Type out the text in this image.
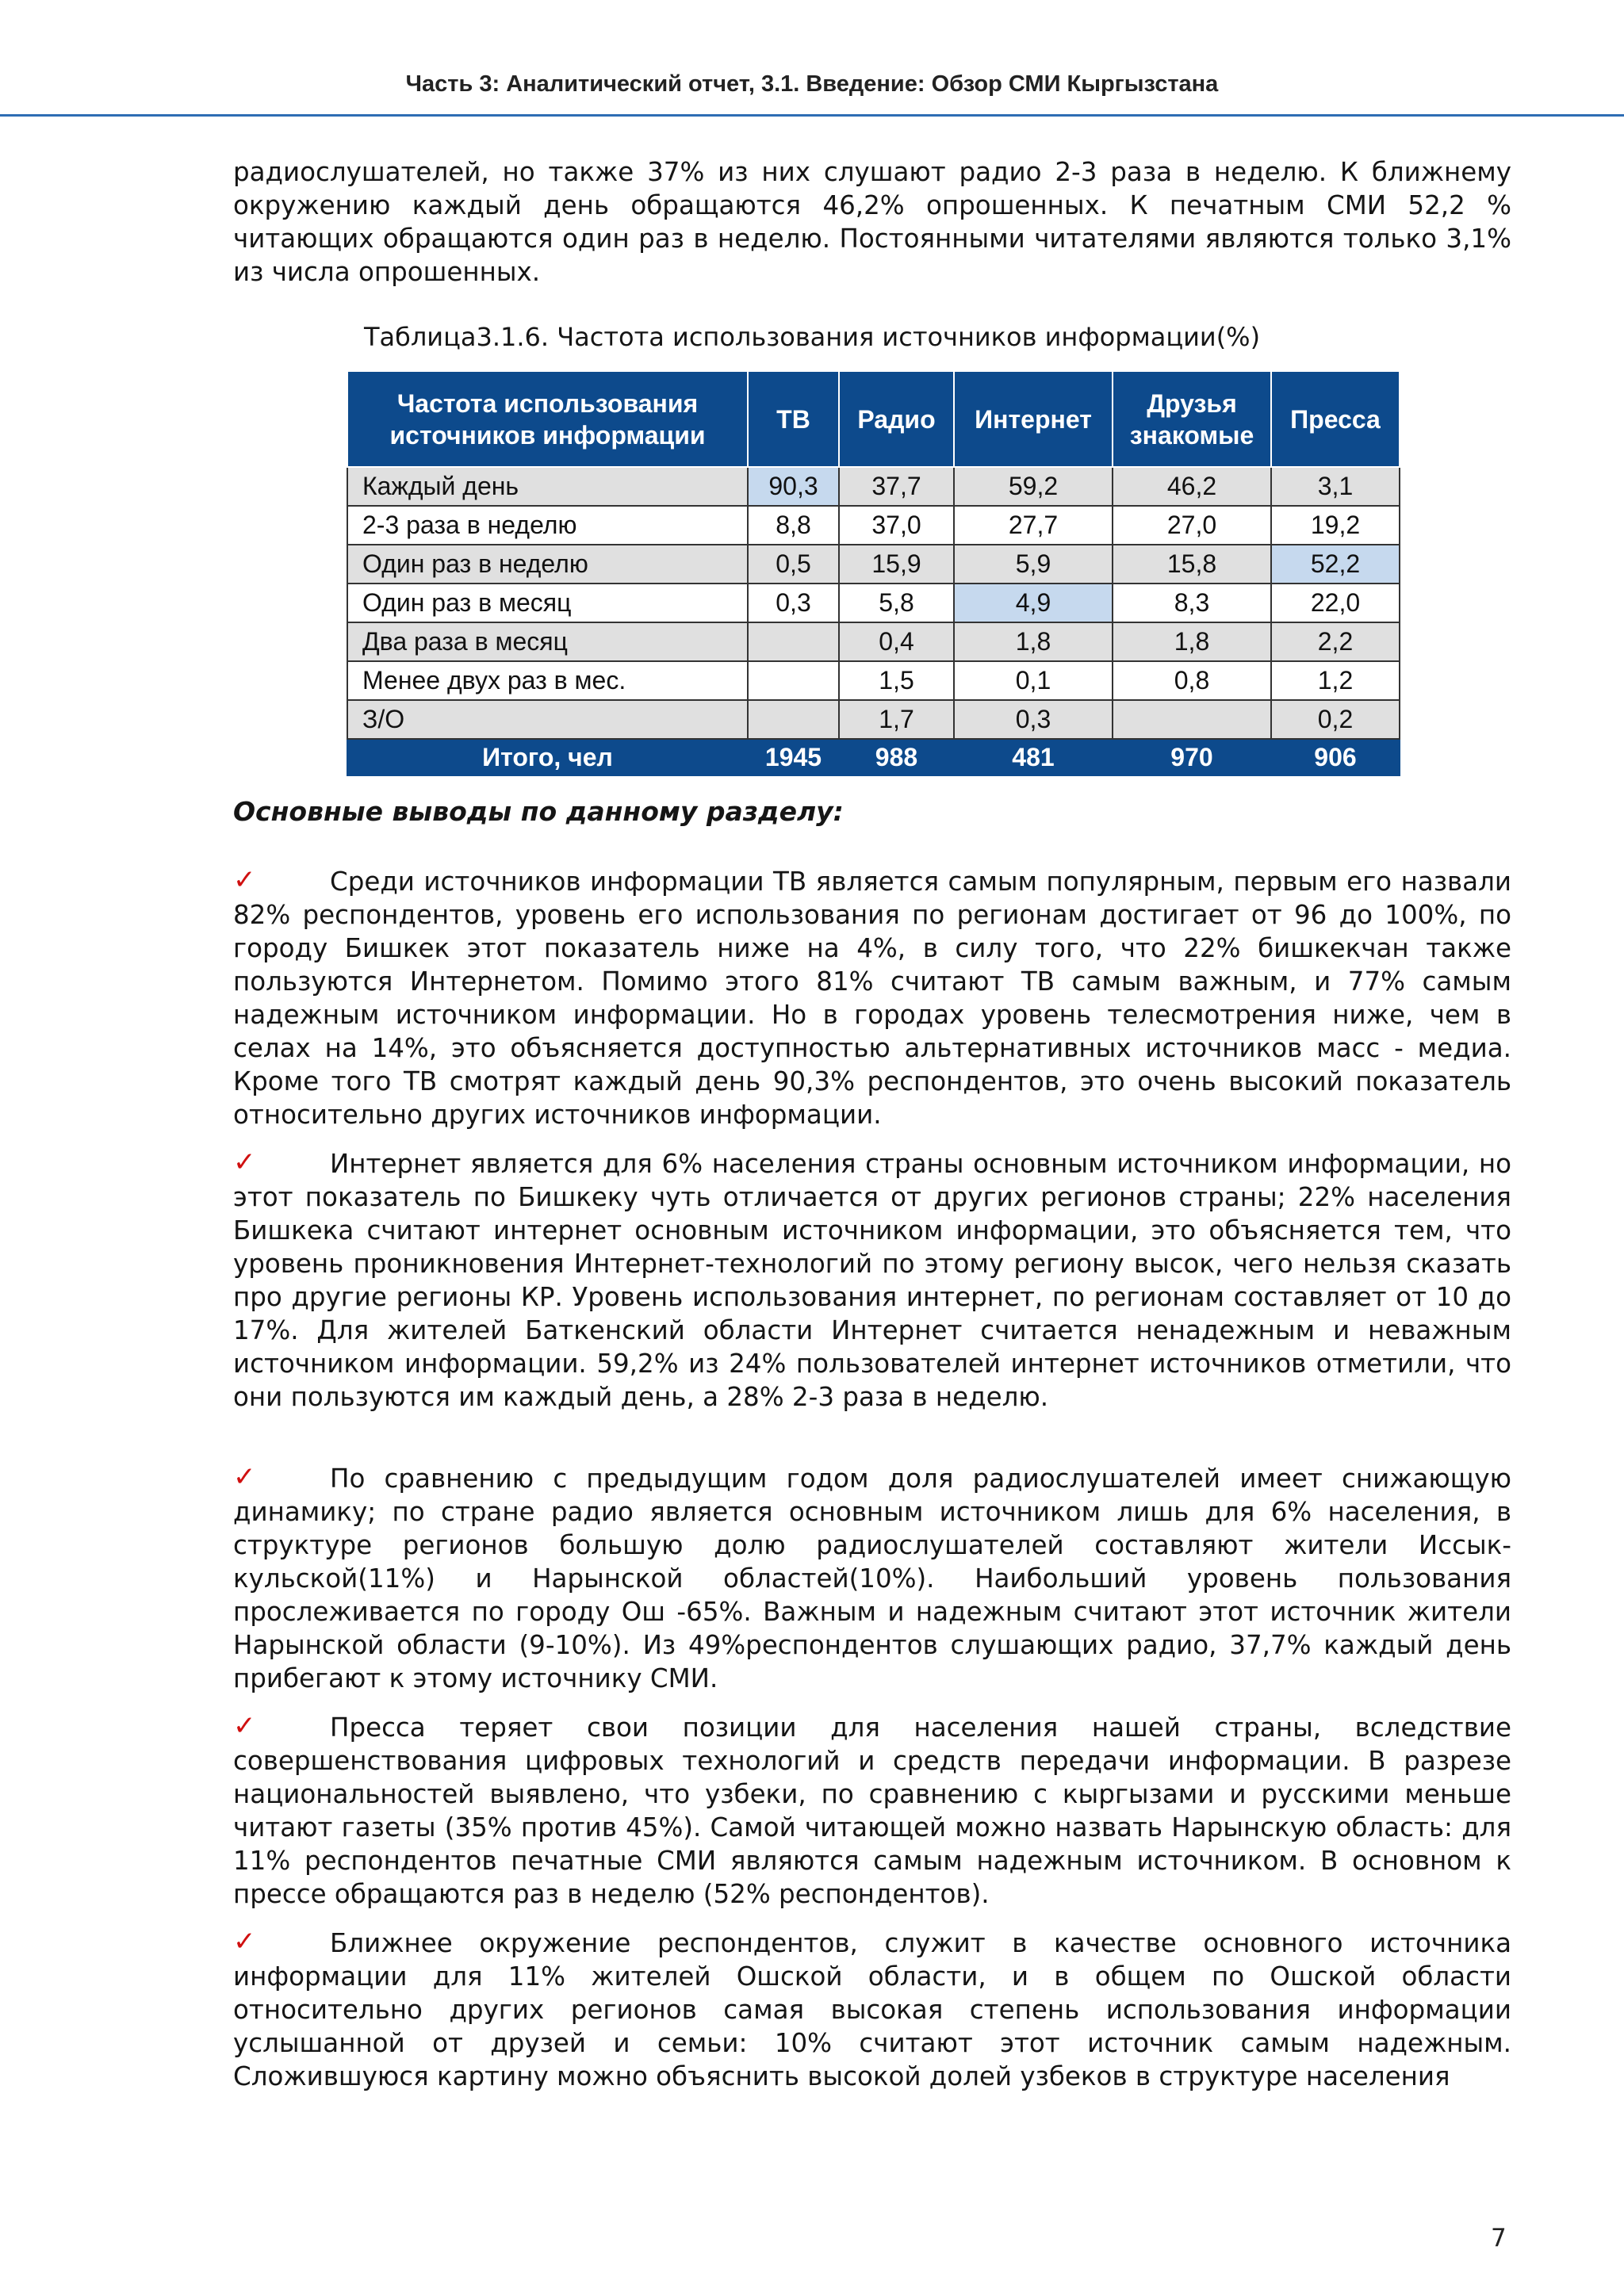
Часть 3: Аналитический отчет, 3.1. Введение: Обзор СМИ Кыргызстана
радиослушателей, но также 37% из них слушают радио 2-3 раза в неделю. К ближнему окружению каждый день обращаются 46,2% опрошенных. К печатным СМИ 52,2 % читающих обращаются один раз в неделю. Постоянными читателями являются только 3,1% из числа опрошенных.
Таблица3.1.6. Частота использования источников информации(%)
Частота использования источников информации	ТВ	Радио	Интернет	Друзья знакомые	Пресса
Каждый день	90,3	37,7	59,2	46,2	3,1
2-3 раза в неделю	8,8	37,0	27,7	27,0	19,2
Один раз в неделю	0,5	15,9	5,9	15,8	52,2
Один раз в месяц	0,3	5,8	4,9	8,3	22,0
Два раза в месяц		0,4	1,8	1,8	2,2
Менее двух раз в мес.		1,5	0,1	0,8	1,2
З/О		1,7	0,3		0,2
Итого, чел	1945	988	481	970	906
Основные выводы по данному разделу:
✓	Среди источников информации ТВ является самым популярным, первым его назвали 82% респондентов, уровень его использования по регионам достигает от 96 до 100%, по городу Бишкек этот показатель ниже на 4%, в силу того, что 22% бишкекчан также пользуются Интернетом. Помимо этого 81% считают ТВ самым важным, и 77% самым надежным источником информации. Но в городах уровень телесмотрения ниже, чем в селах на 14%, это объясняется доступностью альтернативных источников масс - медиа. Кроме того ТВ смотрят каждый день 90,3% респондентов, это очень высокий показатель относительно других источников информации.
✓	Интернет является для 6% населения страны основным источником информации, но этот показатель по Бишкеку чуть отличается от других регионов страны; 22% населения Бишкека считают интернет основным источником информации, это объясняется тем, что уровень проникновения Интернет-технологий по этому региону высок, чего нельзя сказать про другие регионы КР. Уровень использования интернет, по регионам составляет от 10 до 17%. Для жителей Баткенский области Интернет считается ненадежным и неважным источником информации. 59,2% из 24% пользователей интернет источников отметили, что они пользуются им каждый день, а 28% 2-3 раза в неделю.
✓	По сравнению с предыдущим годом доля радиослушателей имеет снижающую динамику; по стране радио является основным источником лишь для 6% населения, в структуре регионов большую долю радиослушателей составляют жители Иссык-кульской(11%) и Нарынской областей(10%). Наибольший уровень пользования прослеживается по городу Ош -65%. Важным и надежным считают этот источник жители Нарынской области (9-10%). Из 49%респондентов слушающих радио, 37,7% каждый день прибегают к этому источнику СМИ.
✓	Пресса теряет свои позиции для населения нашей страны, вследствие совершенствования цифровых технологий и средств передачи информации. В разрезе национальностей выявлено, что узбеки, по сравнению с кыргызами и русскими меньше читают газеты (35% против 45%). Самой читающей можно назвать Нарынскую область: для 11% респондентов печатные СМИ являются самым надежным источником. В основном к прессе обращаются раз в неделю (52% респондентов).
✓	Ближнее окружение респондентов, служит в качестве основного источника информации для 11% жителей Ошской области, и в общем по Ошской области относительно других регионов самая высокая степень использования информации услышанной от друзей и семьи: 10% считают этот источник самым надежным. Сложившуюся картину можно объяснить высокой долей узбеков в структуре населения
7
